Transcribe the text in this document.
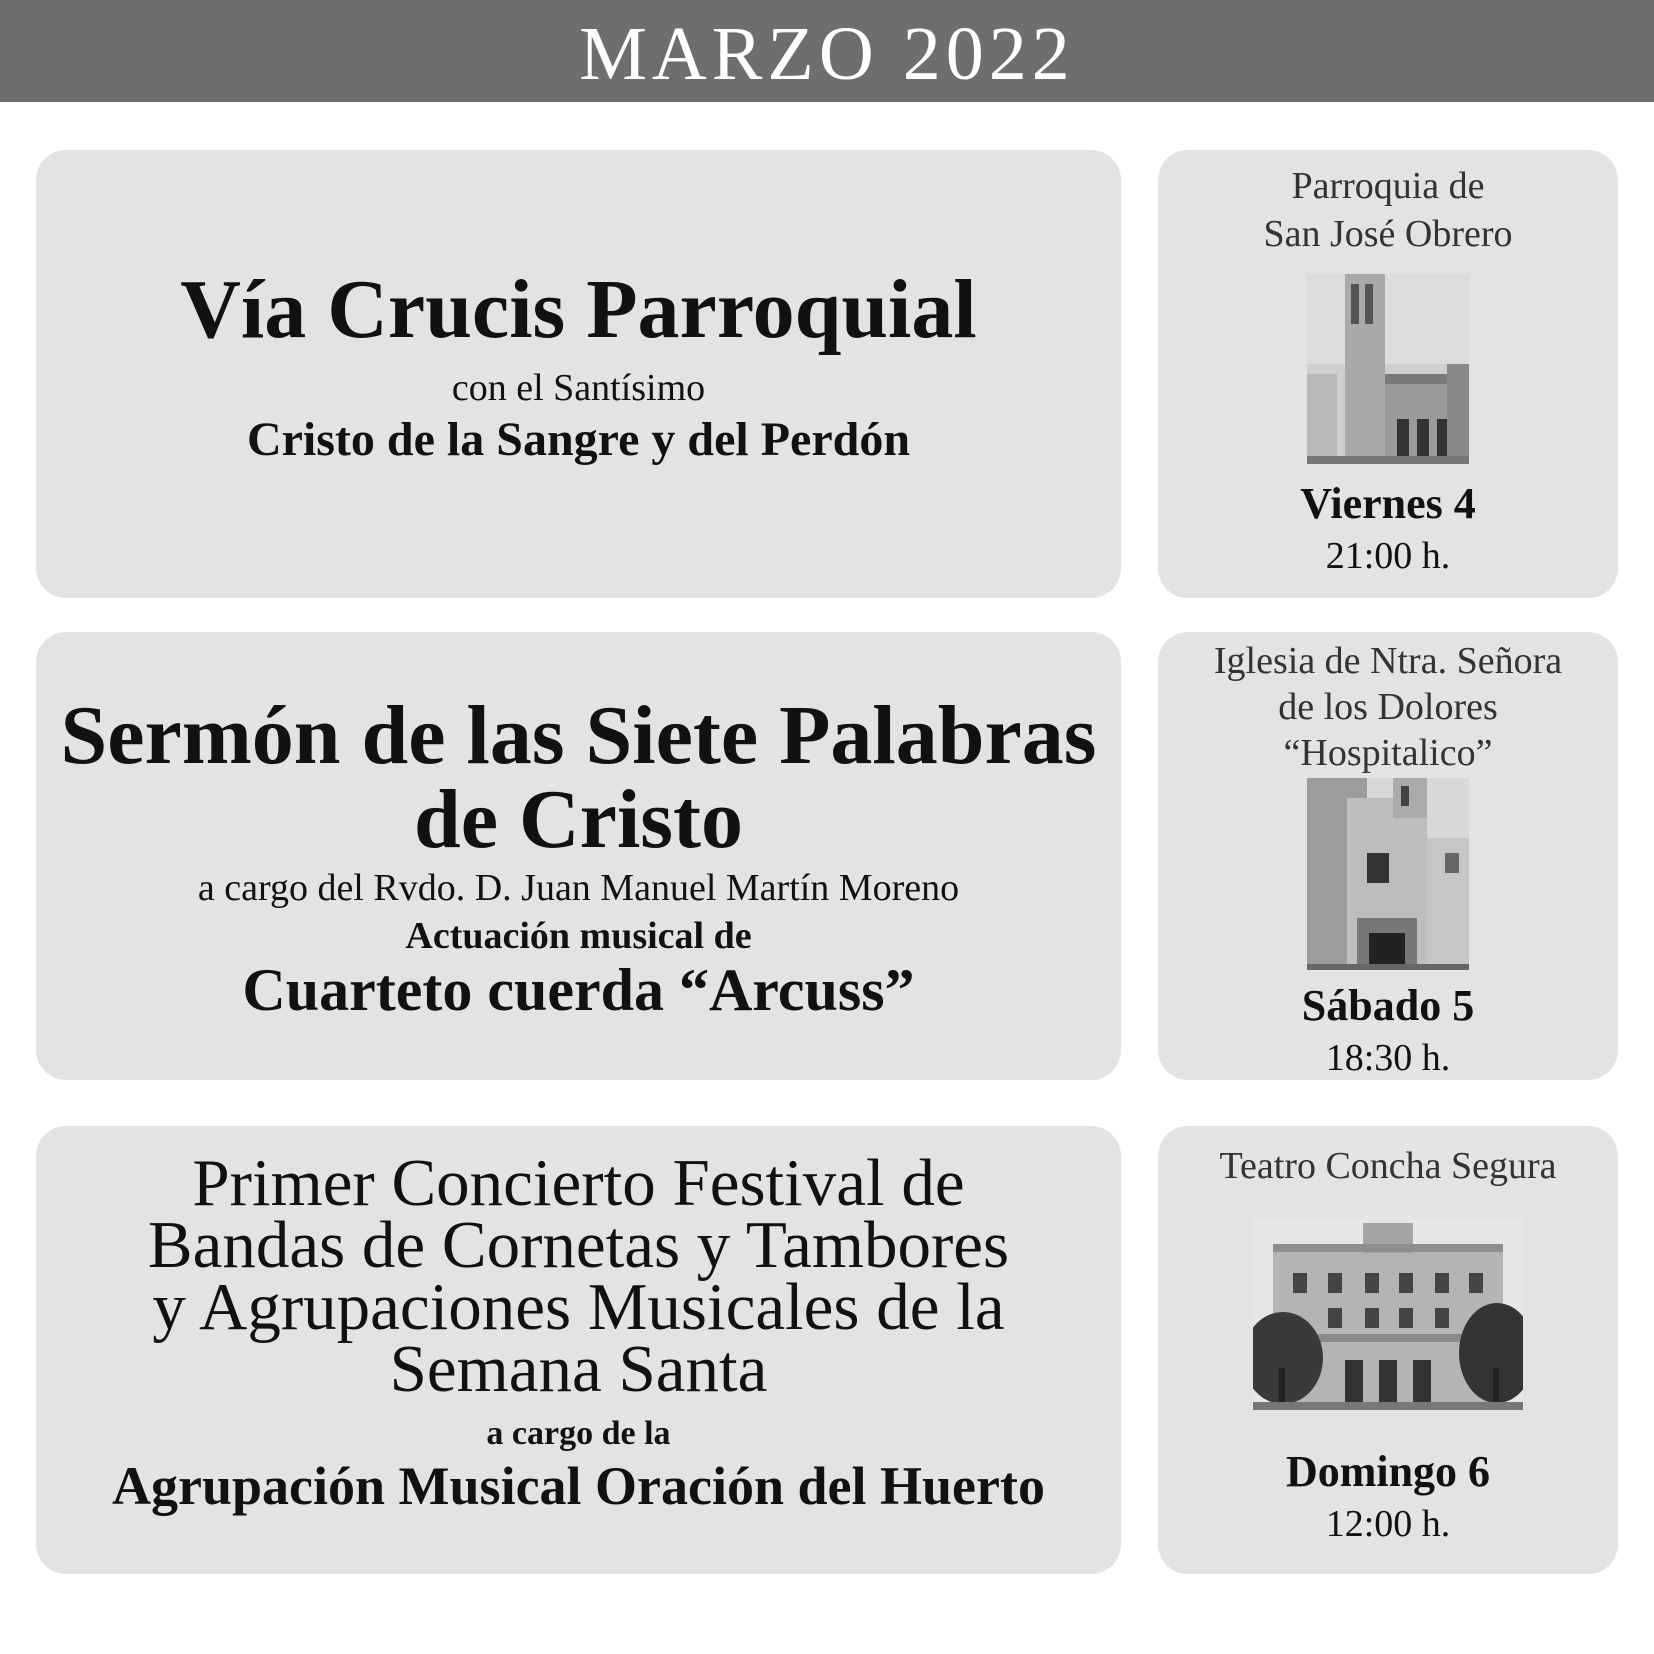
MARZO 2022
Vía Crucis Parroquial
con el Santísimo
Cristo de la Sangre y del Perdón
Parroquia de
San José Obrero
Viernes 4
21:00 h.
Sermón de las Siete Palabras
de Cristo
a cargo del Rvdo. D. Juan Manuel Martín Moreno
Actuación musical de
Cuarteto cuerda “Arcuss”
Iglesia de Ntra. Señora
de los Dolores
“Hospitalico”
Sábado 5
18:30 h.
Primer Concierto Festival de
Bandas de Cornetas y Tambores
y Agrupaciones Musicales de la
Semana Santa
a cargo de la
Agrupación Musical Oración del Huerto
Teatro Concha Segura
Domingo 6
12:00 h.
